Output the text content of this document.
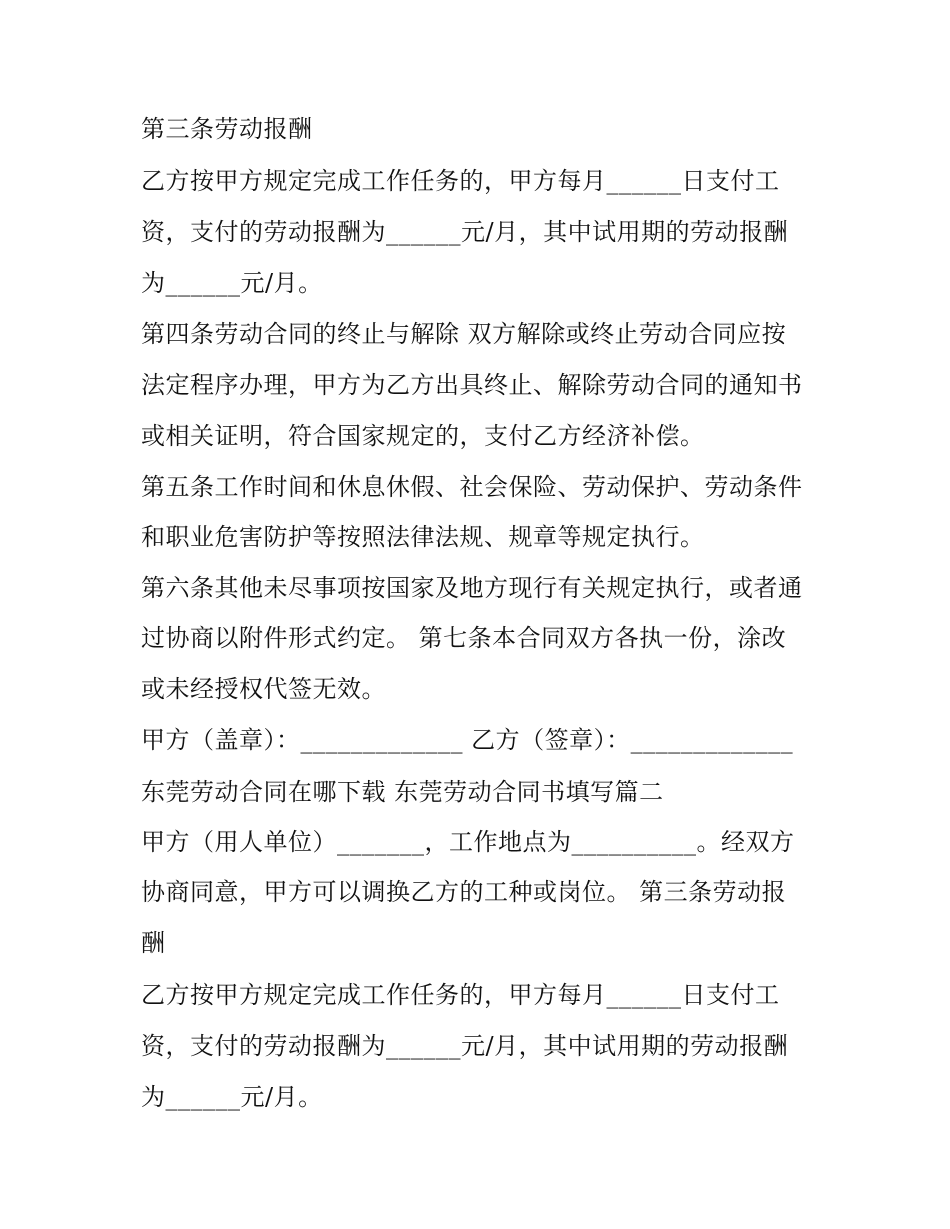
第三条劳动报酬
乙方按甲方规定完成工作任务的，甲方每月______日支付工
资，支付的劳动报酬为______元/月，其中试用期的劳动报酬
为______元/月。
第四条劳动合同的终止与解除 双方解除或终止劳动合同应按
法定程序办理，甲方为乙方出具终止、解除劳动合同的通知书
或相关证明，符合国家规定的，支付乙方经济补偿。
第五条工作时间和休息休假、社会保险、劳动保护、劳动条件
和职业危害防护等按照法律法规、规章等规定执行。
第六条其他未尽事项按国家及地方现行有关规定执行，或者通
过协商以附件形式约定。 第七条本合同双方各执一份，涂改
或未经授权代签无效。
甲方（盖章）：_____________ 乙方（签章）：_____________
东莞劳动合同在哪下载 东莞劳动合同书填写篇二
甲方（用人单位）_______，工作地点为__________。经双方
协商同意，甲方可以调换乙方的工种或岗位。 第三条劳动报
酬
乙方按甲方规定完成工作任务的，甲方每月______日支付工
资，支付的劳动报酬为______元/月，其中试用期的劳动报酬
为______元/月。
